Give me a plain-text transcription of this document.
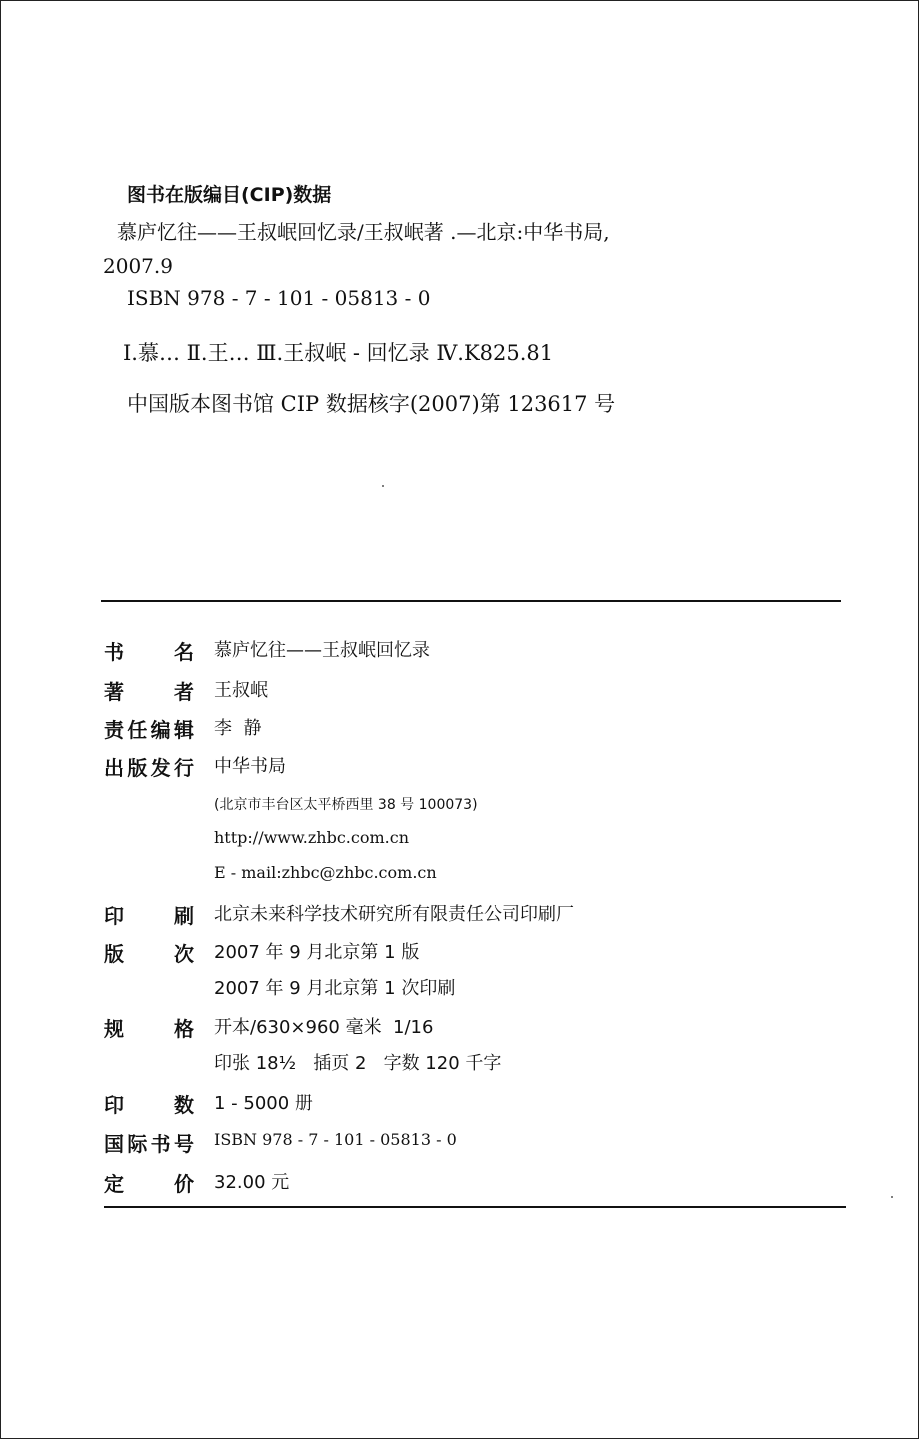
图书在版编目(CIP)数据
慕庐忆往——王叔岷回忆录/王叔岷著 .—北京:中华书局,
2007.9
ISBN 978 - 7 - 101 - 05813 - 0
Ⅰ.慕… Ⅱ.王… Ⅲ.王叔岷 - 回忆录 Ⅳ.K825.81
中国版本图书馆 CIP 数据核字(2007)第 123617 号
书	名 慕庐忆往——王叔岷回忆录
著	者 王叔岷
责 任 编 辑 李  静
出 版 发 行 中华书局
(北京市丰台区太平桥西里 38 号 100073)
http://www.zhbc.com.cn
E - mail:zhbc@zhbc.com.cn
印	刷 北京未来科学技术研究所有限责任公司印刷厂
版	次 2007 年 9 月北京第 1 版
2007 年 9 月北京第 1 次印刷
规	格 开本/630×960 毫米  1/16
印张 18½   插页 2   字数 120 千字
印	数 1 - 5000 册
国 际 书 号 ISBN 978 - 7 - 101 - 05813 - 0
定	价 32.00 元
